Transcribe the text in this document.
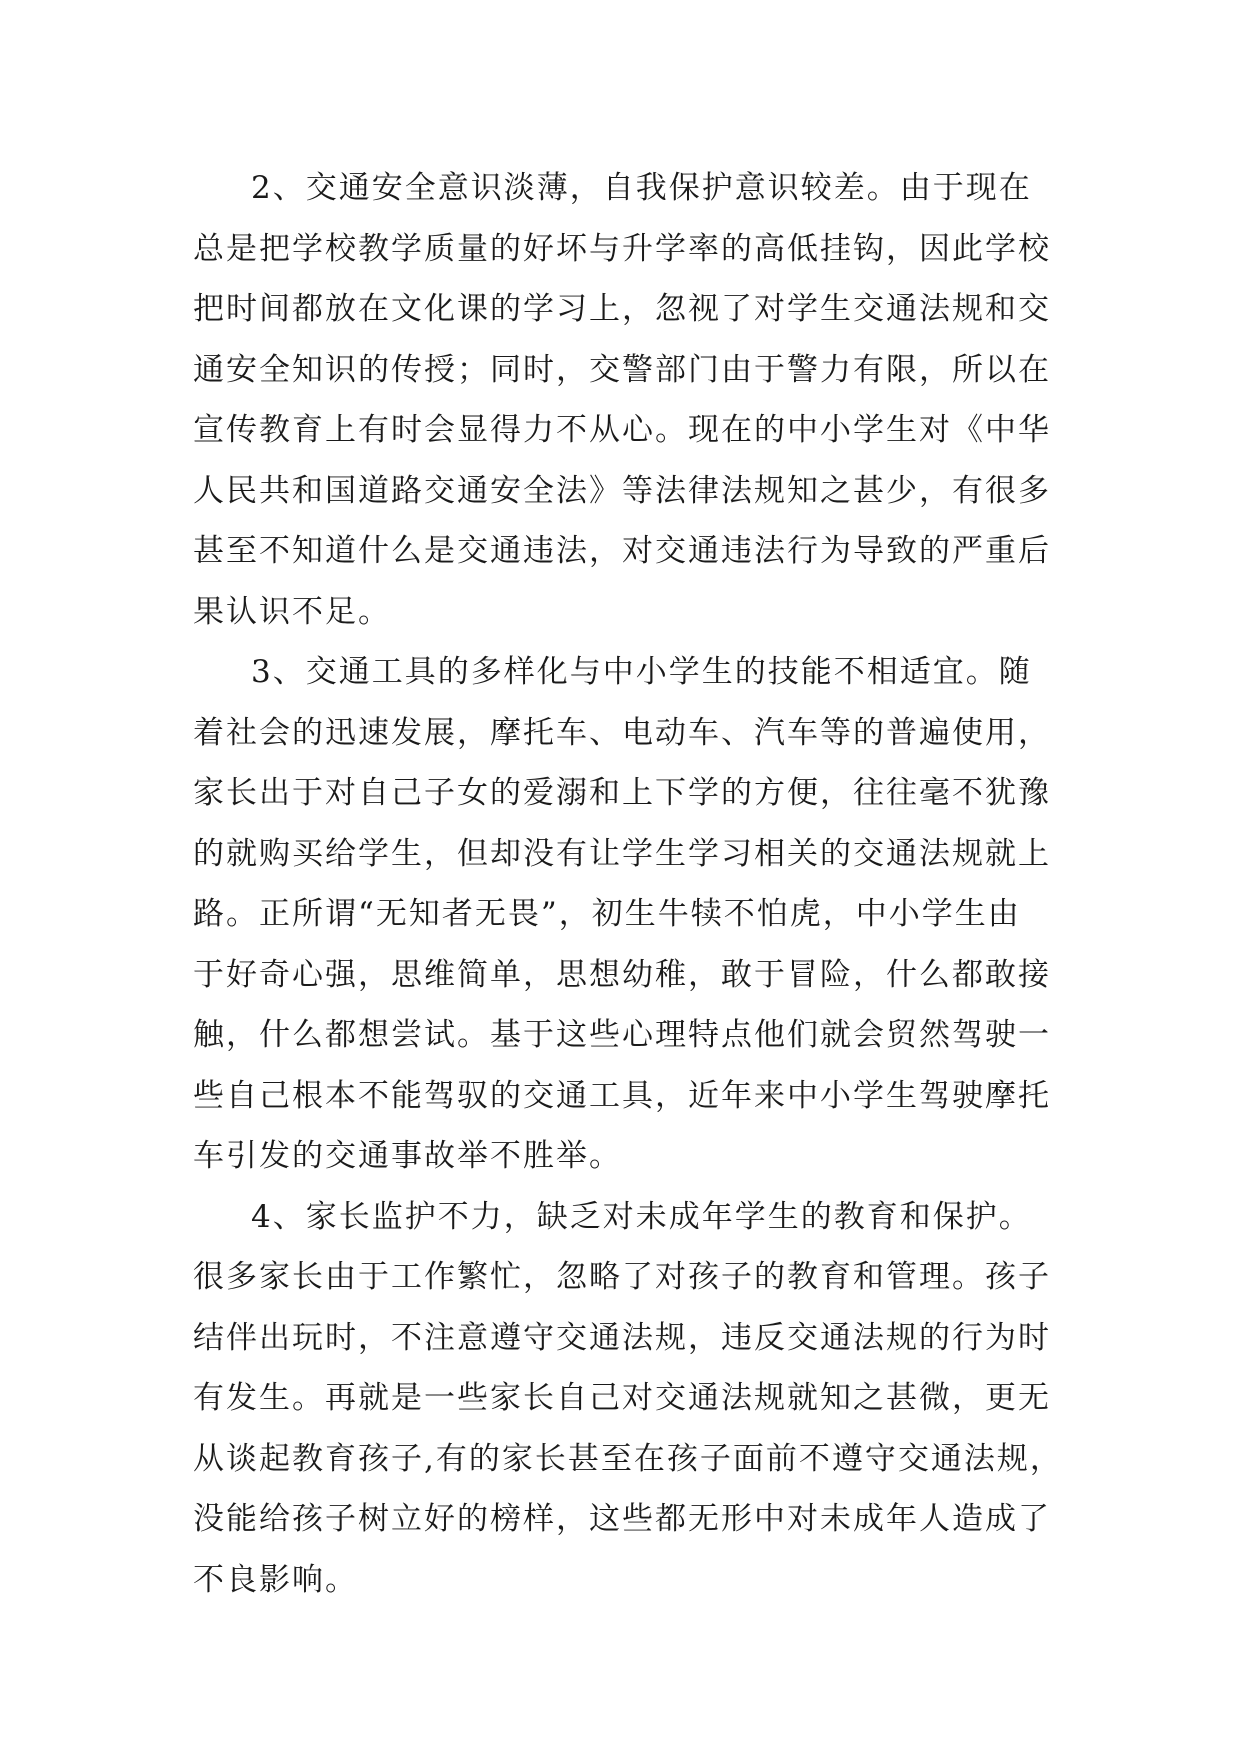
2、交通安全意识淡薄，自我保护意识较差。由于现在
总是把学校教学质量的好坏与升学率的高低挂钩，因此学校
把时间都放在文化课的学习上，忽视了对学生交通法规和交
通安全知识的传授；同时，交警部门由于警力有限，所以在
宣传教育上有时会显得力不从心。现在的中小学生对《中华
人民共和国道路交通安全法》等法律法规知之甚少，有很多
甚至不知道什么是交通违法，对交通违法行为导致的严重后
果认识不足。
3、交通工具的多样化与中小学生的技能不相适宜。随
着社会的迅速发展，摩托车、电动车、汽车等的普遍使用，
家长出于对自己子女的爱溺和上下学的方便，往往毫不犹豫
的就购买给学生，但却没有让学生学习相关的交通法规就上
路。正所谓“无知者无畏”，初生牛犊不怕虎，中小学生由
于好奇心强，思维简单，思想幼稚，敢于冒险，什么都敢接
触，什么都想尝试。基于这些心理特点他们就会贸然驾驶一
些自己根本不能驾驭的交通工具，近年来中小学生驾驶摩托
车引发的交通事故举不胜举。
4、家长监护不力，缺乏对未成年学生的教育和保护。
很多家长由于工作繁忙，忽略了对孩子的教育和管理。孩子
结伴出玩时，不注意遵守交通法规，违反交通法规的行为时
有发生。再就是一些家长自己对交通法规就知之甚微，更无
从谈起教育孩子,有的家长甚至在孩子面前不遵守交通法规，
没能给孩子树立好的榜样，这些都无形中对未成年人造成了
不良影响。
